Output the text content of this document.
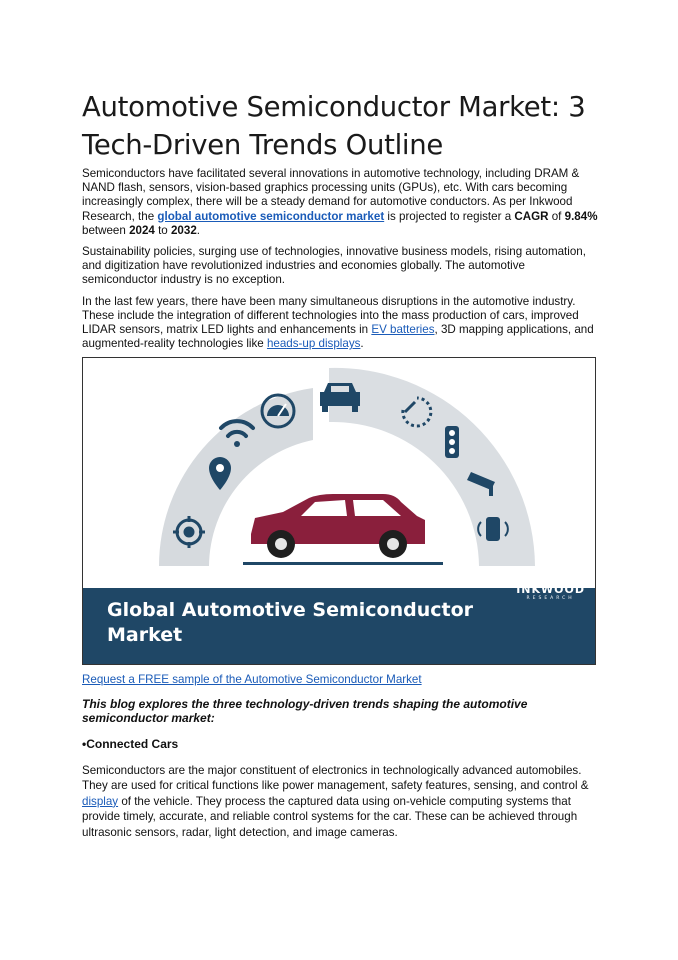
Automotive Semiconductor Market: 3 Tech-Driven Trends Outline

Semiconductors have facilitated several innovations in automotive technology, including DRAM & NAND flash, sensors, vision-based graphics processing units (GPUs), etc. With cars becoming increasingly complex, there will be a steady demand for automotive conductors. As per Inkwood Research, the global automotive semiconductor market is projected to register a CAGR of 9.84% between 2024 to 2032.

Sustainability policies, surging use of technologies, innovative business models, rising automation, and digitization have revolutionized industries and economies globally. The automotive semiconductor industry is no exception.

In the last few years, there have been many simultaneous disruptions in the automotive industry. These include the integration of different technologies into the mass production of cars, improved LIDAR sensors, matrix LED lights and enhancements in EV batteries, 3D mapping applications, and augmented-reality technologies like heads-up displays.

Global Automotive Semiconductor
Market
INKWOOD
RESEARCH

Request a FREE sample of the Automotive Semiconductor Market

This blog explores the three technology-driven trends shaping the automotive semiconductor market:

•Connected Cars

Semiconductors are the major constituent of electronics in technologically advanced automobiles. They are used for critical functions like power management, safety features, sensing, and control & display of the vehicle. They process the captured data using on-vehicle computing systems that provide timely, accurate, and reliable control systems for the car. These can be achieved through ultrasonic sensors, radar, light detection, and image cameras.
